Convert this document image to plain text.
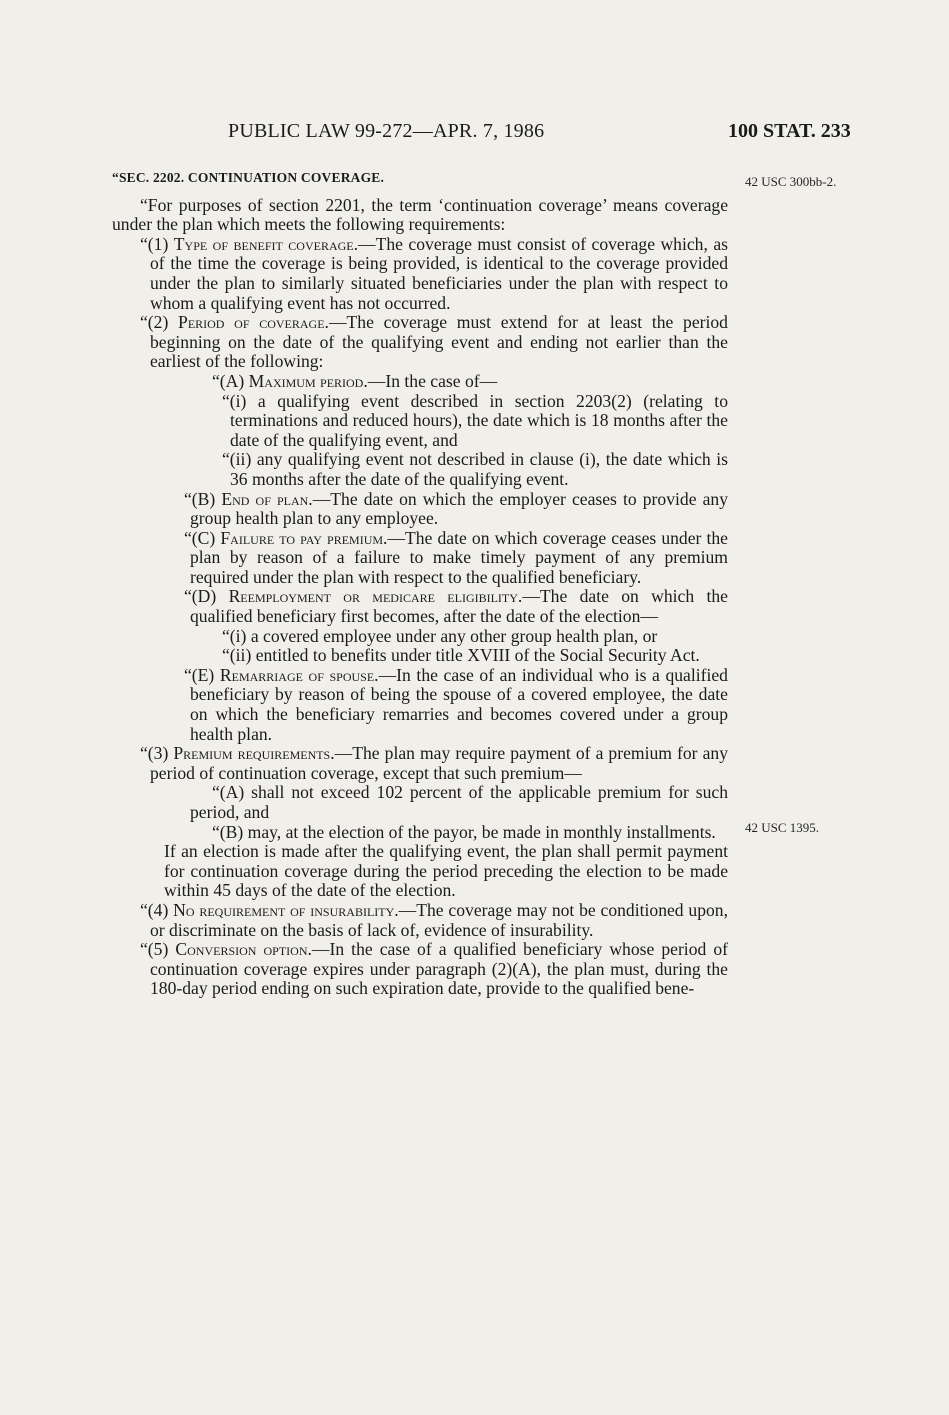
PUBLIC LAW 99-272—APR. 7, 1986	100 STAT. 233
42 USC 300bb-2.
42 USC 1395.

“SEC. 2202. CONTINUATION COVERAGE.

“For purposes of section 2201, the term ‘continuation coverage’ means coverage under the plan which meets the following requirements:

“(1) Type of benefit coverage.—The coverage must consist of coverage which, as of the time the coverage is being provided, is identical to the coverage provided under the plan to similarly situated beneficiaries under the plan with respect to whom a qualifying event has not occurred.

“(2) Period of coverage.—The coverage must extend for at least the period beginning on the date of the qualifying event and ending not earlier than the earliest of the following:

“(A) Maximum period.—In the case of—

“(i) a qualifying event described in section 2203(2) (relating to terminations and reduced hours), the date which is 18 months after the date of the qualifying event, and

“(ii) any qualifying event not described in clause (i), the date which is 36 months after the date of the qualifying event.

“(B) End of plan.—The date on which the employer ceases to provide any group health plan to any employee.

“(C) Failure to pay premium.—The date on which coverage ceases under the plan by reason of a failure to make timely payment of any premium required under the plan with respect to the qualified beneficiary.

“(D) Reemployment or medicare eligibility.—The date on which the qualified beneficiary first becomes, after the date of the election—

“(i) a covered employee under any other group health plan, or

“(ii) entitled to benefits under title XVIII of the Social Security Act.

“(E) Remarriage of spouse.—In the case of an individual who is a qualified beneficiary by reason of being the spouse of a covered employee, the date on which the beneficiary remarries and becomes covered under a group health plan.

“(3) Premium requirements.—The plan may require payment of a premium for any period of continuation coverage, except that such premium—

“(A) shall not exceed 102 percent of the applicable premium for such period, and

“(B) may, at the election of the payor, be made in monthly installments.

If an election is made after the qualifying event, the plan shall permit payment for continuation coverage during the period preceding the election to be made within 45 days of the date of the election.

“(4) No requirement of insurability.—The coverage may not be conditioned upon, or discriminate on the basis of lack of, evidence of insurability.

“(5) Conversion option.—In the case of a qualified beneficiary whose period of continuation coverage expires under paragraph (2)(A), the plan must, during the 180-day period ending on such expiration date, provide to the qualified bene-
